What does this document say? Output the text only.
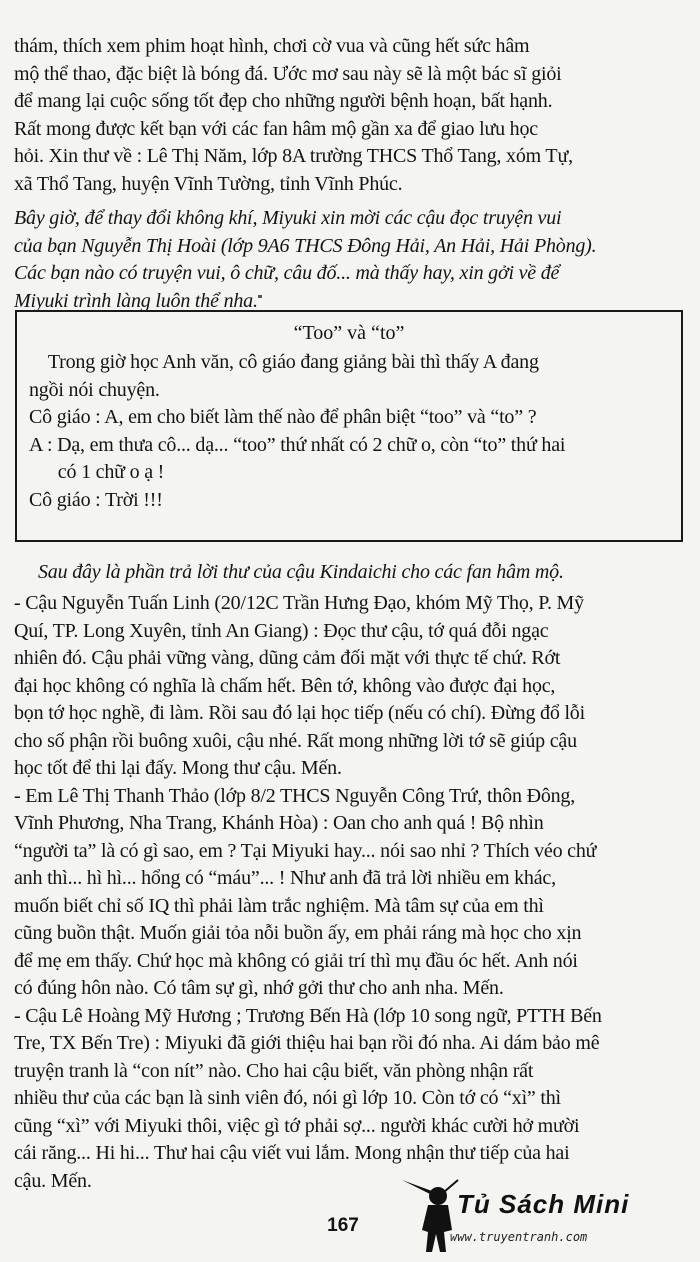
thám, thích xem phim hoạt hình, chơi cờ vua và cũng hết sức hâm
mộ thể thao, đặc biệt là bóng đá. Ước mơ sau này sẽ là một bác sĩ giỏi
để mang lại cuộc sống tốt đẹp cho những người bệnh hoạn, bất hạnh.
Rất mong được kết bạn với các fan hâm mộ gần xa để giao lưu học
hỏi. Xin thư về : Lê Thị Năm, lớp 8A trường THCS Thổ Tang, xóm Tự,
xã Thổ Tang, huyện Vĩnh Tường, tỉnh Vĩnh Phúc.
Bây giờ, để thay đổi không khí, Miyuki xin mời các cậu đọc truyện vui
của bạn Nguyễn Thị Hoài (lớp 9A6 THCS Đông Hải, An Hải, Hải Phòng).
Các bạn nào có truyện vui, ô chữ, câu đố... mà thấy hay, xin gởi về để
Miyuki trình làng luôn thể nha.
“Too” và “to”
Trong giờ học Anh văn, cô giáo đang giảng bài thì thấy A đang
ngồi nói chuyện.
Cô giáo : A, em cho biết làm thế nào để phân biệt “too” và “to” ?
A : Dạ, em thưa cô... dạ... “too” thứ nhất có 2 chữ o, còn “to” thứ hai
có 1 chữ o ạ !
Cô giáo : Trời !!!
Sau đây là phần trả lời thư của cậu Kindaichi cho các fan hâm mộ.
- Cậu Nguyễn Tuấn Linh (20/12C Trần Hưng Đạo, khóm Mỹ Thọ, P. Mỹ
Quí, TP. Long Xuyên, tỉnh An Giang) : Đọc thư cậu, tớ quá đỗi ngạc
nhiên đó. Cậu phải vững vàng, dũng cảm đối mặt với thực tế chứ. Rớt
đại học không có nghĩa là chấm hết. Bên tớ, không vào được đại học,
bọn tớ học nghề, đi làm. Rồi sau đó lại học tiếp (nếu có chí). Đừng đổ lỗi
cho số phận rồi buông xuôi, cậu nhé. Rất mong những lời tớ sẽ giúp cậu
học tốt để thi lại đấy. Mong thư cậu. Mến.
- Em Lê Thị Thanh Thảo (lớp 8/2 THCS Nguyễn Công Trứ, thôn Đông,
Vĩnh Phương, Nha Trang, Khánh Hòa) : Oan cho anh quá ! Bộ nhìn
“người ta” là có gì sao, em ? Tại Miyuki hay... nói sao nhỉ ? Thích véo chứ
anh thì... hì hì... hổng có “máu”... ! Như anh đã trả lời nhiều em khác,
muốn biết chỉ số IQ thì phải làm trắc nghiệm. Mà tâm sự của em thì
cũng buồn thật. Muốn giải tỏa nỗi buồn ấy, em phải ráng mà học cho xịn
để mẹ em thấy. Chứ học mà không có giải trí thì mụ đầu óc hết. Anh nói
có đúng hôn nào. Có tâm sự gì, nhớ gởi thư cho anh nha. Mến.
- Cậu Lê Hoàng Mỹ Hương ; Trương Bến Hà (lớp 10 song ngữ, PTTH Bến
Tre, TX Bến Tre) : Miyuki đã giới thiệu hai bạn rồi đó nha. Ai dám bảo mê
truyện tranh là “con nít” nào. Cho hai cậu biết, văn phòng nhận rất
nhiều thư của các bạn là sinh viên đó, nói gì lớp 10. Còn tớ có “xì” thì
cũng “xì” với Miyuki thôi, việc gì tớ phải sợ... người khác cười hở mười
cái răng... Hi hi... Thư hai cậu viết vui lắm. Mong nhận thư tiếp của hai
cậu. Mến.
167
Tủ Sách Mini
www.truyentranh.com
